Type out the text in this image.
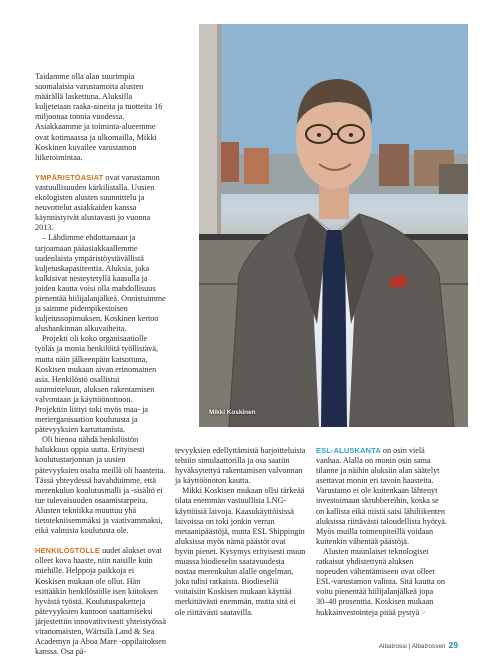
Taidamme olla alan suurimpia suomalaisia varustamoita alusten määrällä laskettuna. Aluksilla kuljetetaan raaka-aineita ja tuotteita 16 miljoonaa tonnia vuodessa. Asiakkaamme ja toiminta-alueemme ovat kotimaassa ja ulkomailla, Mikki Koskinen kuvailee varustamon liiketoimintaa.

YMPÄRISTÖASIAT ovat varustamon vastuullisuuden kärkilistalla. Uusien ekologisten alusten suunnittelu ja neuvottelut asiakkaiden kanssa käynnistyivät alustavasti jo vuonna 2013.

– Lähdimme ehdottamaan ja tarjoamaan pääasiakkaallemme uudenlaista ympäristöystävällistä kuljetuskapasiteettia. Aluksia, joka kulkisivat nesteytetyllä kaasulla ja joiden kautta voisi olla mahdollisuus pienentää hiilijalanjälkeä. Onnistuimme ja saimme pidempikestoisen kuljetussopimuksen, Koskinen kertoo alushankinnan alkuvaiheita.

Projekti oli koko organisaatiolle työläs ja monia henkilöitä työllistävä, mutta näin jälkeenpäin katsottuna, Koskisen mukaan aivan erinomainen asia. Henkilöstö osallistui suunnitteluun, aluksen rakentamisen valvontaan ja käyttöönottoon. Projektiin liittyi toki myös maa- ja merierganisaation koulutusta ja pätevyyksien kartuttamista.

Oli hienoa nähdä henkilöstön halukkuus oppia uutta. Erityisesti koulutustarjonnan ja uusien pätevyyksien osalta meillä oli haasteita. Tässä yhteydessä havahduimme, että merenkulun koulutusmalli ja -sisältö ei tue tulevaisuuden osaamistarpeita. Alusten tekniikka muuttuu yhä tietotekniisemmäksi ja vaativammaksi, eikä valmista koulutusta ole.

HENKILÖSTÖLLE uudet alukset ovat olleet kova haaste, niin naisille kuin miehille. Helppoja paikkoja ei Koskisen mukaan ole ollut. Hän esittääkin henkilöstölle isen kiitoksen hyvästä työstä. Koulutuspaketteja pätevyyksien kuntoon saattamiseksi järjestettiin innovatiivisesti yhteistyössä viranomaisten, Wärtsilä Land & Sea Academyn ja Aboa Mare -oppilaitoksen kanssa. Osa pä-

tevyyksien edellyttämistä harjoitteluista tehtiin simulaattorilla ja osa saatiin hyväksytettyä rakentamisen valvonnan ja käyttöönoton kautta.

Mikki Koskisen mukaan ollsi tärkeää tilata enemmän vastuullisia LNG-käyttöisiä laivoja. Kaasukäyttöisissä laivoissa on toki jonkin verran metaanipäästöjä, mutta ESL Shippingin aluksissa myös nämä päästöt ovat hyvin pienet. Kysymys erityisesti muun muassa biodieselin saatavuudesta nostaa merenkulun alalle ongelman, joka tulisi ratkaista. Biodieseliä voitaisiin Koskisen mukaan käyttää merkittävästi enemmän, mutta sitä ei ole riittävästi saatavilla.

ESL-ALUSKANTA on osin vielä vanhaa. Alalla on monin osin sama tilanne ja näihin aluksiin alan säätelyt asettavat monin eri tavoin haasteita. Varustamo ei ole kuitenkaan lähtenyt investoimaan skrubbereihin, koska se on kallista eikä niistä saisi lähiliikenten aluksissa riittävästi taloudellista hyötyä. Myös muilla toimenpiteillä voidaan kuitenkin vähentää päästöjä.

Alusten muunlaiset teknologiset ratkaisut yhdistettynä aluksen nopeuden vähentämiseen ovat olleet ESL-varustamon valinta. Sitä kautta on voitu pienentää hiilijalanjälkeä jopa 30–40 prosenttia. Koskisen mukaan hukkainvestointeja pitää pystyä >

Mikki Koskinen
Albatrossi | Albatrossen 29
